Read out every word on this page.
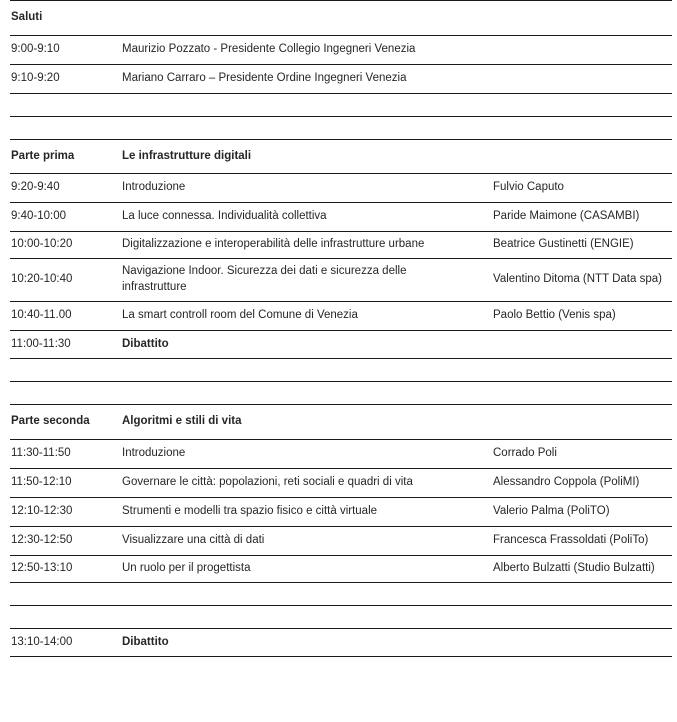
Saluti		
9:00-9:10	Maurizio Pozzato - Presidente Collegio Ingegneri Venezia	
9:10-9:20	Mariano Carraro – Presidente Ordine Ingegneri Venezia	

Parte prima	Le infrastrutture digitali	
9:20-9:40	Introduzione	Fulvio Caputo
9:40-10:00	La luce connessa. Individualità collettiva	Paride Maimone (CASAMBI)
10:00-10:20	Digitalizzazione e interoperabilità delle infrastrutture urbane	Beatrice Gustinetti (ENGIE)
10:20-10:40	Navigazione Indoor. Sicurezza dei dati e sicurezza delle infrastrutture	Valentino Ditoma (NTT Data spa)
10:40-11.00	La smart controll room del Comune di Venezia	Paolo Bettio (Venis spa)
11:00-11:30	Dibattito	

Parte seconda	Algoritmi e stili di vita	
11:30-11:50	Introduzione	Corrado Poli
11:50-12:10	Governare le città: popolazioni, reti sociali e quadri di vita	Alessandro Coppola (PoliMI)
12:10-12:30	Strumenti e modelli tra spazio fisico e città virtuale	Valerio Palma (PoliTO)
12:30-12:50	Visualizzare una città di dati	Francesca Frassoldati (PoliTo)
12:50-13:10	Un ruolo per il progettista	Alberto Bulzatti (Studio Bulzatti)

13:10-14:00	Dibattito	
